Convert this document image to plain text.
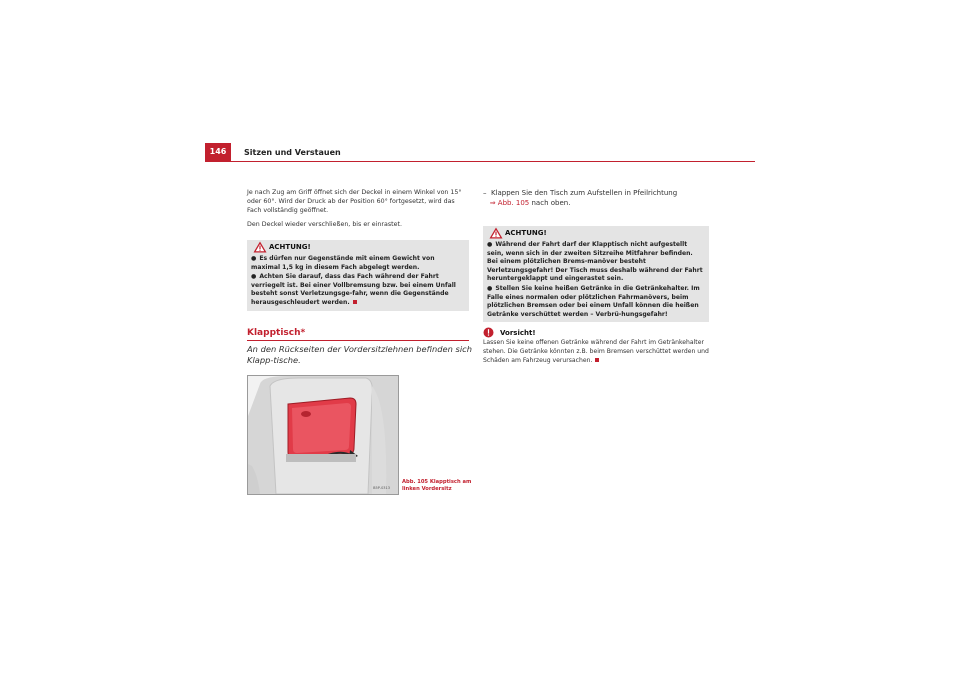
146	Sitzen und Verstauen
Je nach Zug am Griff öffnet sich der Deckel in einem Winkel von 15° oder 60°. Wird der Druck ab der Position 60° fortgesetzt, wird das Fach vollständig geöffnet.
Den Deckel wieder verschließen, bis er einrastet.
ACHTUNG!
● Es dürfen nur Gegenstände mit einem Gewicht von maximal 1,5 kg in diesem Fach abgelegt werden.
● Achten Sie darauf, dass das Fach während der Fahrt verriegelt ist. Bei einer Vollbremsung bzw. bei einem Unfall besteht sonst Verletzungsge-fahr, wenn die Gegenstände herausgeschleudert werden.
Klapptisch*
An den Rückseiten der Vordersitzlehnen befinden sich Klapp-tische.
B5P-0313
Abb. 105 Klapptisch am linken Vordersitz
– Klappen Sie den Tisch zum Aufstellen in Pfeilrichtung
⇒ Abb. 105 nach oben.
ACHTUNG!
● Während der Fahrt darf der Klapptisch nicht aufgestellt sein, wenn sich in der zweiten Sitzreihe Mitfahrer befinden. Bei einem plötzlichen Brems-manöver besteht Verletzungsgefahr! Der Tisch muss deshalb während der Fahrt heruntergeklappt und eingerastet sein.
● Stellen Sie keine heißen Getränke in die Getränkehalter. Im Falle eines normalen oder plötzlichen Fahrmanövers, beim plötzlichen Bremsen oder bei einem Unfall können die heißen Getränke verschüttet werden – Verbrü-hungsgefahr!
Vorsicht!
Lassen Sie keine offenen Getränke während der Fahrt im Getränkehalter stehen. Die Getränke könnten z.B. beim Bremsen verschüttet werden und Schäden am Fahrzeug verursachen.
